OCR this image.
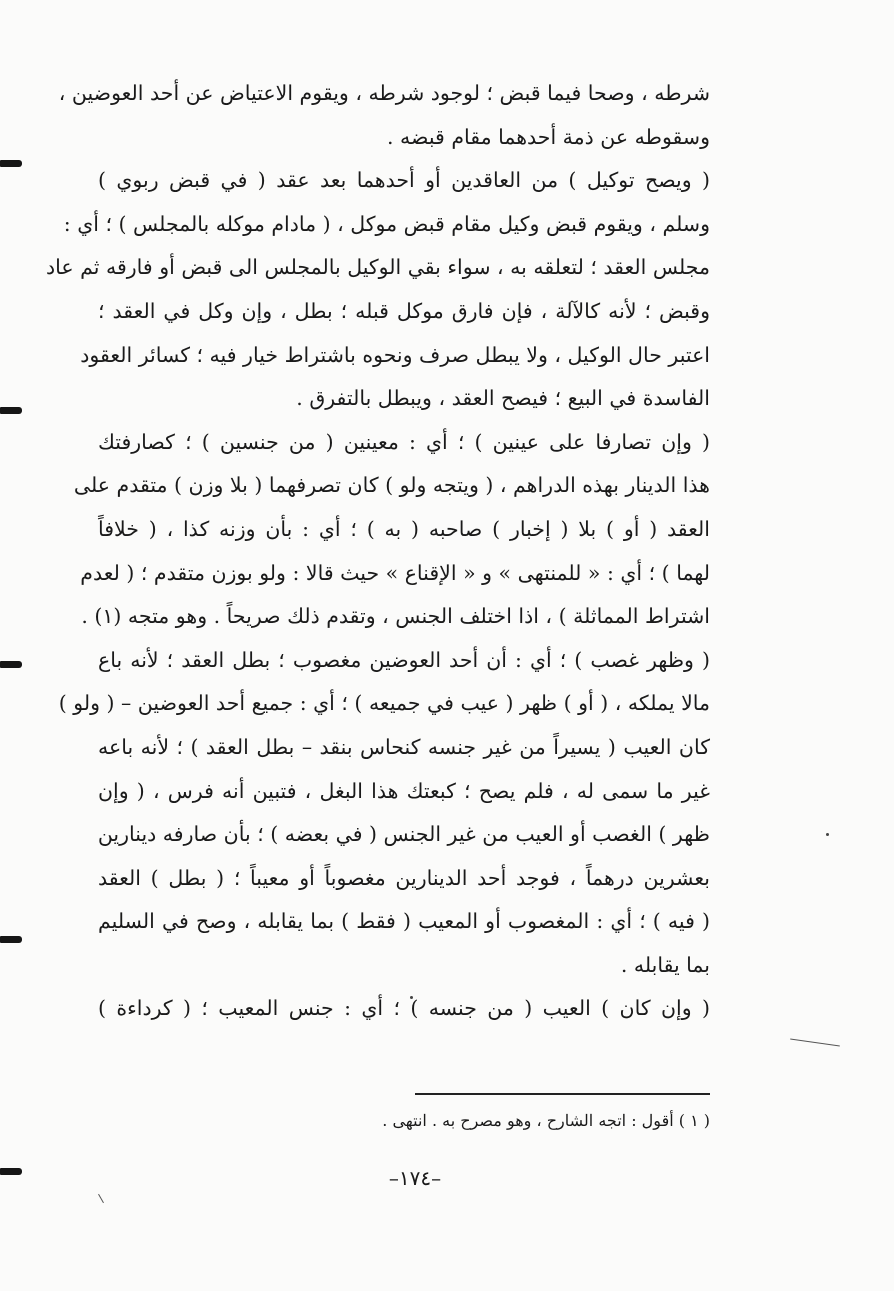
شرطه ، وصحا فيما قبض ؛ لوجود شرطه ، ويقوم الاعتياض عن أحد العوضين ،
وسقوطه عن ذمة أحدهما مقام قبضه .
( ويصح توكيل ) من العاقدين أو أحدهما بعد عقد ( في قبض ربوي )
وسلم ، ويقوم قبض وكيل مقام قبض موكل ، ( مادام موكله بالمجلس ) ؛ أي :
مجلس العقد ؛ لتعلقه به ، سواء بقي الوكيل بالمجلس الى قبض أو فارقه ثم عاد
وقبض ؛ لأنه كالآلة ، فإن فارق موكل قبله ؛ بطل ، وإن وكل في العقد ؛
اعتبر حال الوكيل ، ولا يبطل صرف ونحوه باشتراط خيار فيه ؛ كسائر العقود
الفاسدة في البيع ؛ فيصح العقد ، ويبطل بالتفرق .
( وإن تصارفا على عينين ) ؛ أي : معينين ( من جنسين ) ؛ كصارفتك
هذا الدينار بهذه الدراهم ، ( ويتجه ولو ) كان تصرفهما ( بلا وزن ) متقدم على
العقد ( أو ) بلا ( إخبار ) صاحبه ( به ) ؛ أي : بأن وزنه كذا ، ( خلافاً
لهما ) ؛ أي : « للمنتهى » و « الإقناع » حيث قالا : ولو بوزن متقدم ؛ ( لعدم
اشتراط المماثلة ) ، اذا اختلف الجنس ، وتقدم ذلك صريحاً . وهو متجه (١) .
( وظهر غصب ) ؛ أي : أن أحد العوضين مغصوب ؛ بطل العقد ؛ لأنه باع
مالا يملكه ، ( أو ) ظهر ( عيب في جميعه ) ؛ أي : جميع أحد العوضين – ( ولو )
كان العيب ( يسيراً من غير جنسه كنحاس بنقد – بطل العقد ) ؛ لأنه باعه
غير ما سمى له ، فلم يصح ؛ كبعتك هذا البغل ، فتبين أنه فرس ، ( وإن
ظهر ) الغصب أو العيب من غير الجنس ( في بعضه ) ؛ بأن صارفه دينارين
بعشرين درهماً ، فوجد أحد الدينارين مغصوباً أو معيباً ؛ ( بطل ) العقد
( فيه ) ؛ أي : المغصوب أو المعيب ( فقط ) بما يقابله ، وصح في السليم
بما يقابله .
( وإن كان ) العيب ( من جنسه ) ؛ أي : جنس المعيب ؛ ( كرداءة )
( ١ ) أقول : اتجه الشارح ، وهو مصرح به . انتهى .
–١٧٤–
